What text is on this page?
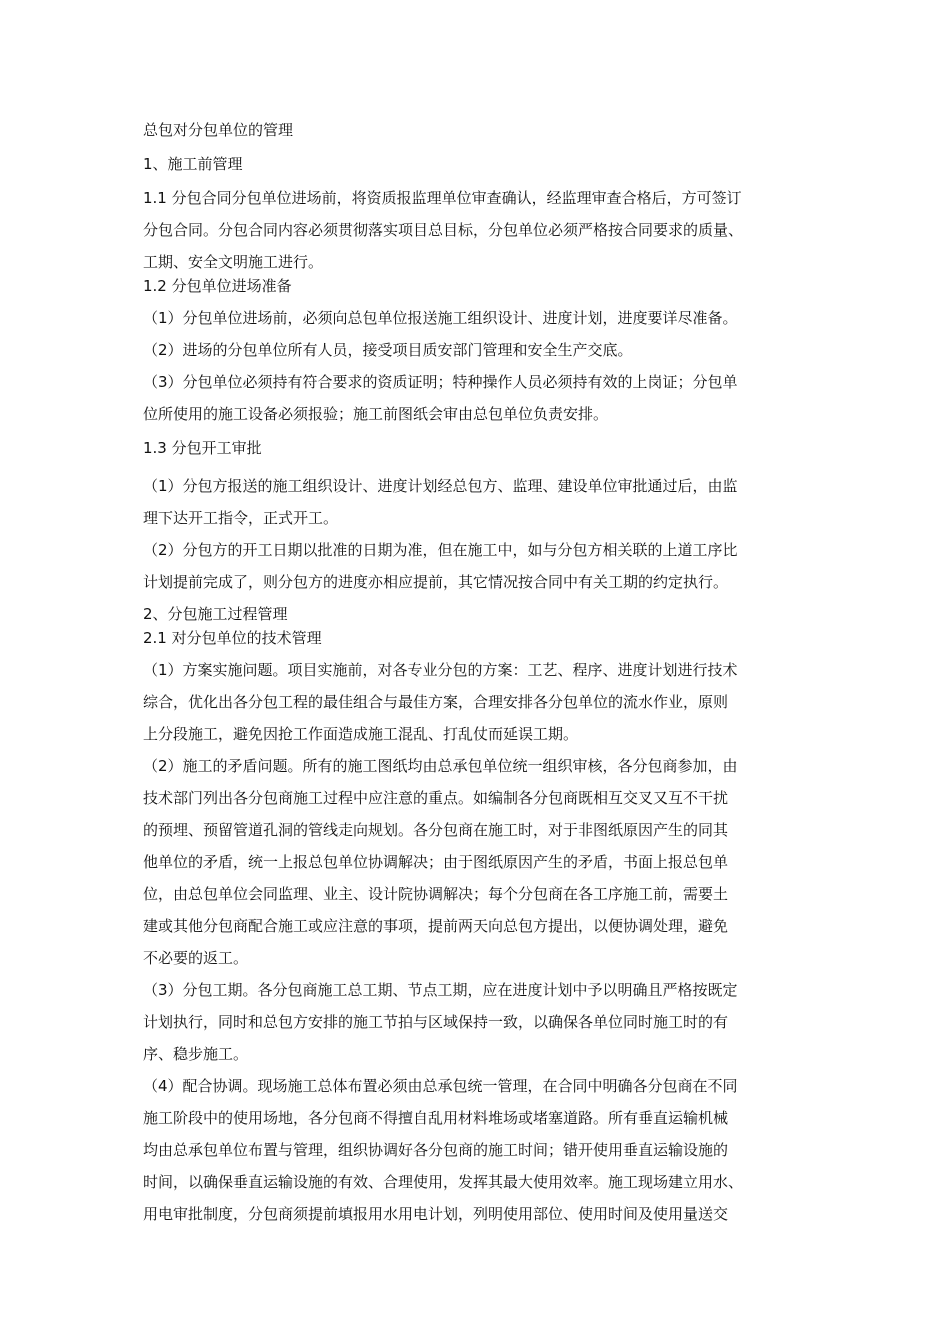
总包对分包单位的管理

1、施工前管理

1.1 分包合同分包单位进场前，将资质报监理单位审查确认，经监理审查合格后，方可签订

分包合同。分包合同内容必须贯彻落实项目总目标，分包单位必须严格按合同要求的质量、

工期、安全文明施工进行。

1.2 分包单位进场准备

（1）分包单位进场前，必须向总包单位报送施工组织设计、进度计划，进度要详尽准备。

（2）进场的分包单位所有人员，接受项目质安部门管理和安全生产交底。

（3）分包单位必须持有符合要求的资质证明；特种操作人员必须持有效的上岗证；分包单

位所使用的施工设备必须报验；施工前图纸会审由总包单位负责安排。

1.3 分包开工审批

（1）分包方报送的施工组织设计、进度计划经总包方、监理、建设单位审批通过后，由监

理下达开工指令，正式开工。

（2）分包方的开工日期以批准的日期为准，但在施工中，如与分包方相关联的上道工序比

计划提前完成了，则分包方的进度亦相应提前，其它情况按合同中有关工期的约定执行。

2、分包施工过程管理

2.1 对分包单位的技术管理

（1）方案实施问题。项目实施前，对各专业分包的方案：工艺、程序、进度计划进行技术

综合，优化出各分包工程的最佳组合与最佳方案，合理安排各分包单位的流水作业，原则

上分段施工，避免因抢工作面造成施工混乱、打乱仗而延误工期。

（2）施工的矛盾问题。所有的施工图纸均由总承包单位统一组织审核，各分包商参加，由

技术部门列出各分包商施工过程中应注意的重点。如编制各分包商既相互交叉又互不干扰

的预埋、预留管道孔洞的管线走向规划。各分包商在施工时，对于非图纸原因产生的同其

他单位的矛盾，统一上报总包单位协调解决；由于图纸原因产生的矛盾，书面上报总包单

位，由总包单位会同监理、业主、设计院协调解决；每个分包商在各工序施工前，需要土

建或其他分包商配合施工或应注意的事项，提前两天向总包方提出，以便协调处理，避免

不必要的返工。

（3）分包工期。各分包商施工总工期、节点工期，应在进度计划中予以明确且严格按既定

计划执行，同时和总包方安排的施工节拍与区域保持一致，以确保各单位同时施工时的有

序、稳步施工。

（4）配合协调。现场施工总体布置必须由总承包统一管理，在合同中明确各分包商在不同

施工阶段中的使用场地，各分包商不得擅自乱用材料堆场或堵塞道路。所有垂直运输机械

均由总承包单位布置与管理，组织协调好各分包商的施工时间；错开使用垂直运输设施的

时间，以确保垂直运输设施的有效、合理使用，发挥其最大使用效率。施工现场建立用水、

用电审批制度，分包商须提前填报用水用电计划，列明使用部位、使用时间及使用量送交
